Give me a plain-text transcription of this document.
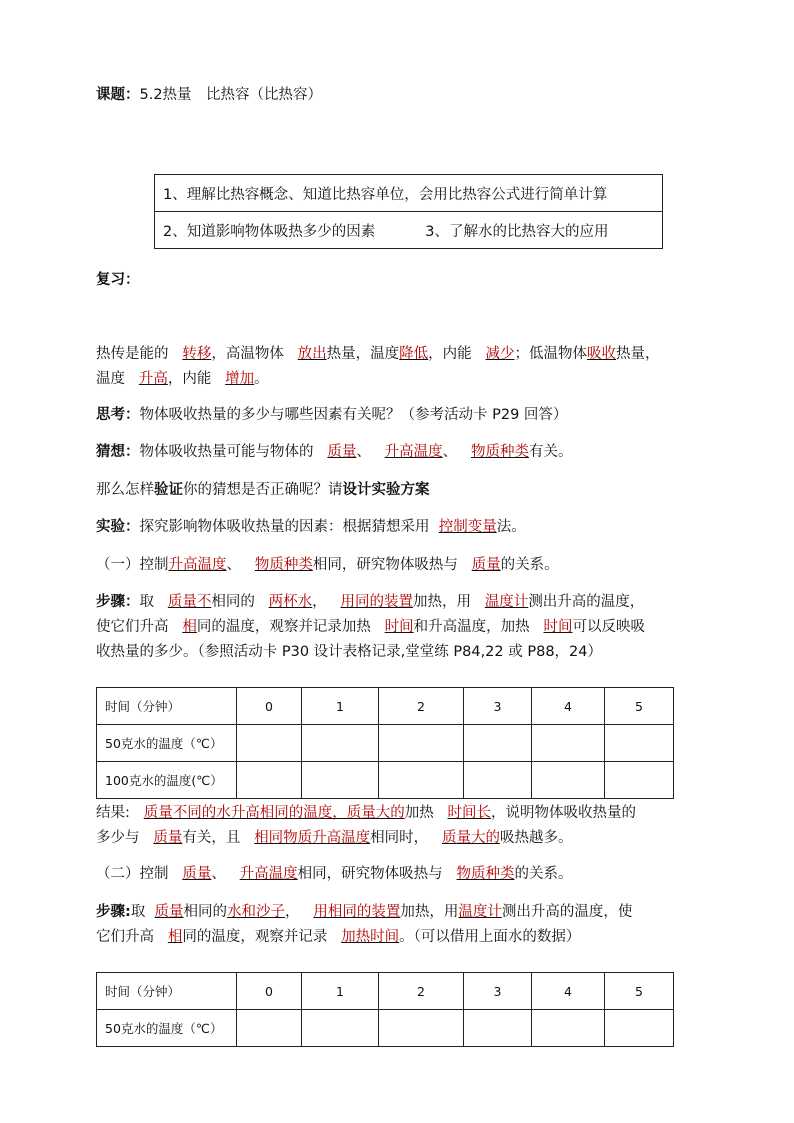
课题：5.2热量　比热容（比热容）
1、理解比热容概念、知道比热容单位，会用比热容公式进行简单计算
2、知道影响物体吸热多少的因素	3、了解水的比热容大的应用
复习：
热传是能的 转移，高温物体 放出热量，温度降低，内能 减少；低温物体吸收热量，
温度 升高，内能 增加。
思考：物体吸收热量的多少与哪些因素有关呢？（参考活动卡 P29 回答）
猜想：物体吸收热量可能与物体的 质量、 升高温度、 物质种类有关。
那么怎样验证你的猜想是否正确呢？请设计实验方案
实验：探究影响物体吸收热量的因素：根据猜想采用 控制变量法。
（一）控制升高温度、 物质种类相同，研究物体吸热与 质量的关系。
步骤：取 质量不相同的 两杯水， 用同的装置加热，用 温度计测出升高的温度，
使它们升高 相同的温度，观察并记录加热 时间和升高温度，加热 时间可以反映吸
收热量的多少。（参照活动卡 P30 设计表格记录,堂堂练 P84,22 或 P88，24）
时间（分钟）	0	1	2	3	4	5
50克水的温度（℃）						
100克水的温度(℃）						
结果: 质量不同的水升高相同的温度，质量大的加热 时间长，说明物体吸收热量的
多少与 质量有关，且 相同物质升高温度相同时， 质量大的吸热越多。
（二）控制 质量、 升高温度相同，研究物体吸热与 物质种类的关系。
步骤:取 质量相同的水和沙子， 用相同的装置加热，用温度计测出升高的温度，使
它们升高 相同的温度，观察并记录 加热时间。（可以借用上面水的数据）
时间（分钟）	0	1	2	3	4	5
50克水的温度（℃）						
